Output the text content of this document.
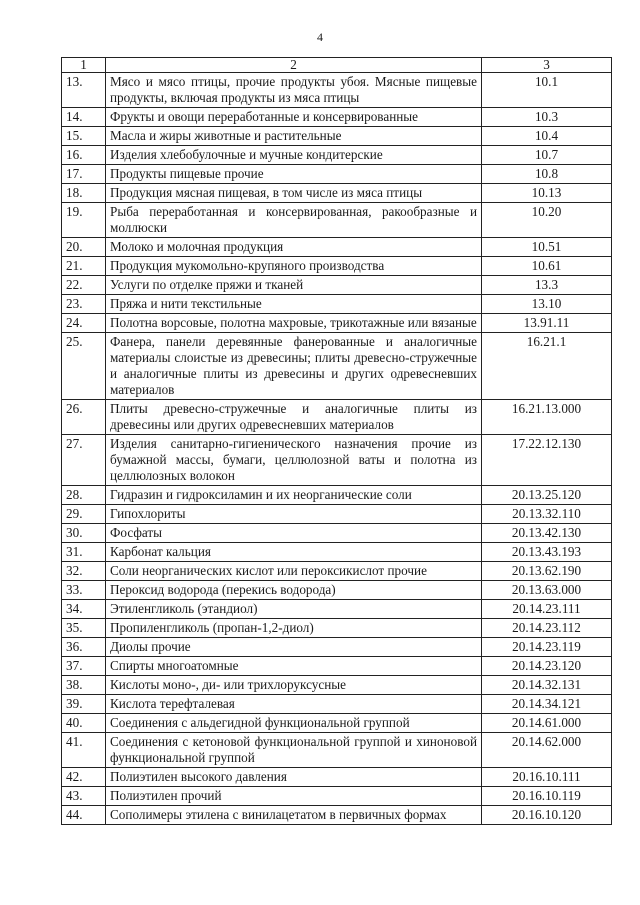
4
1	2	3
13.	Мясо и мясо птицы, прочие продукты убоя. Мясные пищевые продукты, включая продукты из мяса птицы	10.1
14.	Фрукты и овощи переработанные и консервированные	10.3
15.	Масла и жиры животные и растительные	10.4
16.	Изделия хлебобулочные и мучные кондитерские	10.7
17.	Продукты пищевые прочие	10.8
18.	Продукция мясная пищевая, в том числе из мяса птицы	10.13
19.	Рыба переработанная и консервированная, ракообразные и моллюски	10.20
20.	Молоко и молочная продукция	10.51
21.	Продукция мукомольно-крупяного производства	10.61
22.	Услуги по отделке пряжи и тканей	13.3
23.	Пряжа и нити текстильные	13.10
24.	Полотна ворсовые, полотна махровые, трикотажные или вязаные	13.91.11
25.	Фанера, панели деревянные фанерованные и аналогичные материалы слоистые из древесины; плиты древесно-стружечные и аналогичные плиты из древесины и других одревесневших материалов	16.21.1
26.	Плиты древесно-стружечные и аналогичные плиты из древесины или других одревесневших материалов	16.21.13.000
27.	Изделия санитарно-гигиенического назначения прочие из бумажной массы, бумаги, целлюлозной ваты и полотна из целлюлозных волокон	17.22.12.130
28.	Гидразин и гидроксиламин и их неорганические соли	20.13.25.120
29.	Гипохлориты	20.13.32.110
30.	Фосфаты	20.13.42.130
31.	Карбонат кальция	20.13.43.193
32.	Соли неорганических кислот или пероксикислот прочие	20.13.62.190
33.	Пероксид водорода (перекись водорода)	20.13.63.000
34.	Этиленгликоль (этандиол)	20.14.23.111
35.	Пропиленгликоль (пропан-1,2-диол)	20.14.23.112
36.	Диолы прочие	20.14.23.119
37.	Спирты многоатомные	20.14.23.120
38.	Кислоты моно-, ди- или трихлоруксусные	20.14.32.131
39.	Кислота терефталевая	20.14.34.121
40.	Соединения с альдегидной функциональной группой	20.14.61.000
41.	Соединения с кетоновой функциональной группой и хиноновой функциональной группой	20.14.62.000
42.	Полиэтилен высокого давления	20.16.10.111
43.	Полиэтилен прочий	20.16.10.119
44.	Сополимеры этилена с винилацетатом в первичных формах	20.16.10.120
